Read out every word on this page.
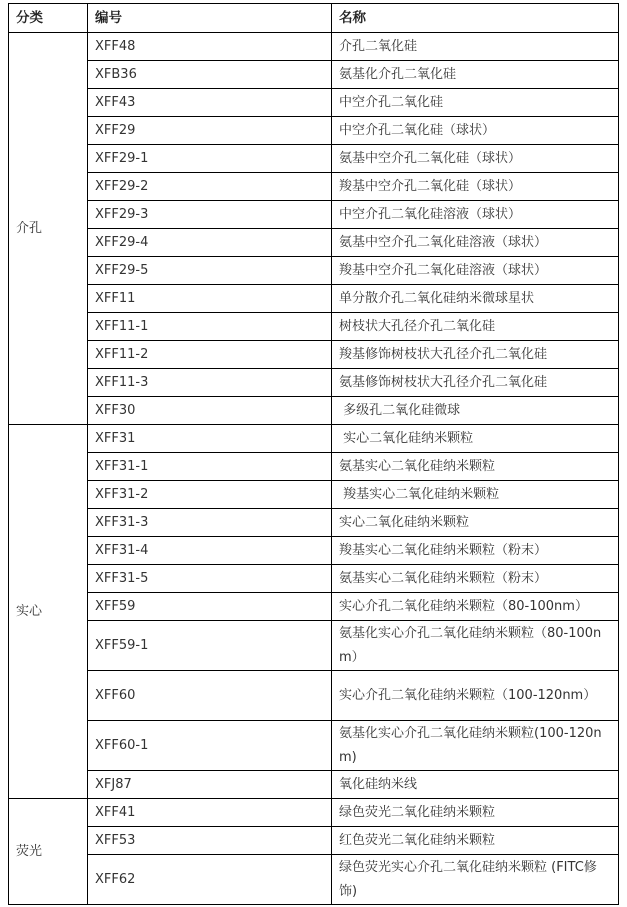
分类	编号	名称
介孔	XFF48	介孔二氧化硅
	XFB36	氨基化介孔二氧化硅
	XFF43	中空介孔二氧化硅
	XFF29	中空介孔二氧化硅（球状）
	XFF29-1	氨基中空介孔二氧化硅（球状）
	XFF29-2	羧基中空介孔二氧化硅（球状）
	XFF29-3	中空介孔二氧化硅溶液（球状）
	XFF29-4	氨基中空介孔二氧化硅溶液（球状）
	XFF29-5	羧基中空介孔二氧化硅溶液（球状）
	XFF11	单分散介孔二氧化硅纳米微球星状
	XFF11-1	树枝状大孔径介孔二氧化硅
	XFF11-2	羧基修饰树枝状大孔径介孔二氧化硅
	XFF11-3	氨基修饰树枝状大孔径介孔二氧化硅
	XFF30	多级孔二氧化硅微球
实心	XFF31	实心二氧化硅纳米颗粒
	XFF31-1	氨基实心二氧化硅纳米颗粒
	XFF31-2	羧基实心二氧化硅纳米颗粒
	XFF31-3	实心二氧化硅纳米颗粒
	XFF31-4	羧基实心二氧化硅纳米颗粒（粉末）
	XFF31-5	氨基实心二氧化硅纳米颗粒（粉末）
	XFF59	实心介孔二氧化硅纳米颗粒（80-100nm）
	XFF59-1	氨基化实心介孔二氧化硅纳米颗粒（80-100nm）
	XFF60	实心介孔二氧化硅纳米颗粒（100-120nm）
	XFF60-1	氨基化实心介孔二氧化硅纳米颗粒(100-120nm)
	XFJ87	氧化硅纳米线
荧光	XFF41	绿色荧光二氧化硅纳米颗粒
	XFF53	红色荧光二氧化硅纳米颗粒
	XFF62	绿色荧光实心介孔二氧化硅纳米颗粒 (FITC修饰)
